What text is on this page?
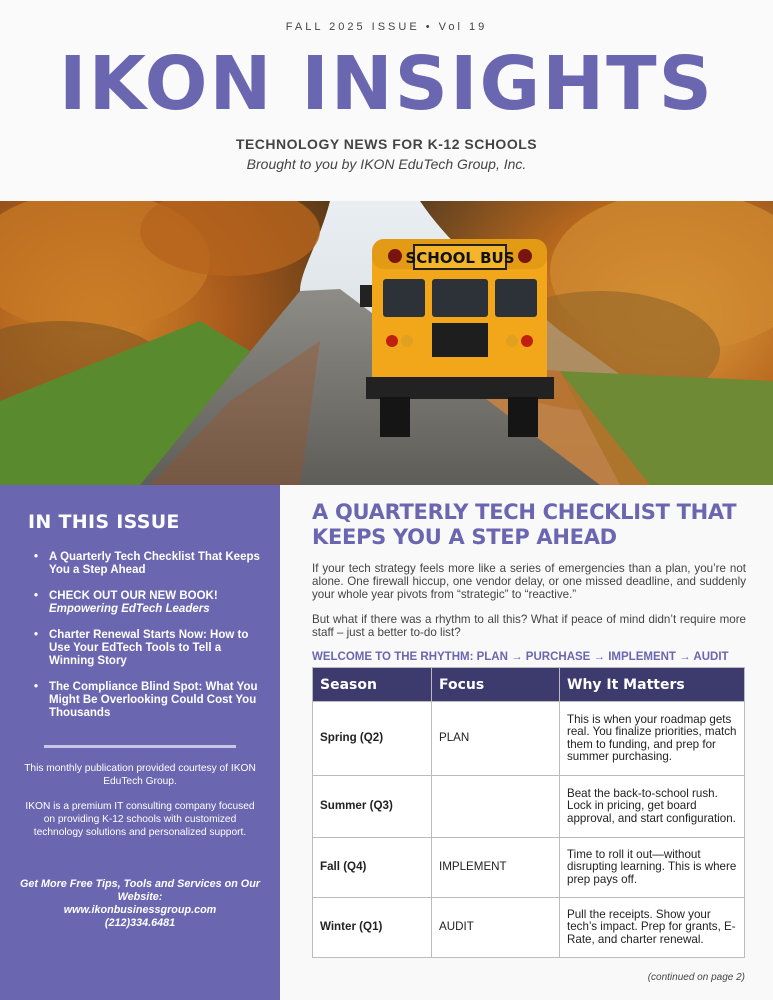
FALL 2025 ISSUE • Vol 19
IKON INSIGHTS
TECHNOLOGY NEWS FOR K-12 SCHOOLS
Brought to you by IKON EduTech Group, Inc.
SCHOOL BUS
IN THIS ISSUE
• A Quarterly Tech Checklist That Keeps You a Step Ahead
• CHECK OUT OUR NEW BOOK!
Empowering EdTech Leaders
• Charter Renewal Starts Now: How to Use Your EdTech Tools to Tell a Winning Story
• The Compliance Blind Spot: What You Might Be Overlooking Could Cost You Thousands
This monthly publication provided courtesy of IKON EduTech Group.
IKON is a premium IT consulting company focused on providing K-12 schools with customized technology solutions and personalized support.
Get More Free Tips, Tools and Services on Our Website:
www.ikonbusinessgroup.com
(212)334.6481
A QUARTERLY TECH CHECKLIST THAT KEEPS YOU A STEP AHEAD

If your tech strategy feels more like a series of emergencies than a plan, you’re not alone. One firewall hiccup, one vendor delay, or one missed deadline, and suddenly your whole year pivots from “strategic” to “reactive.”

But what if there was a rhythm to all this? What if peace of mind didn’t require more staff – just a better to-do list?

WELCOME TO THE RHYTHM: PLAN → PURCHASE → IMPLEMENT → AUDIT
Season	Focus	Why It Matters
Spring (Q2)	PLAN	This is when your roadmap gets real. You finalize priorities, match them to funding, and prep for summer purchasing.
Summer (Q3)		Beat the back-to-school rush. Lock in pricing, get board approval, and start configuration.
Fall (Q4)	IMPLEMENT	Time to roll it out—without disrupting learning. This is where prep pays off.
Winter (Q1)	AUDIT	Pull the receipts. Show your tech’s impact. Prep for grants, E-Rate, and charter renewal.
(continued on page 2)
